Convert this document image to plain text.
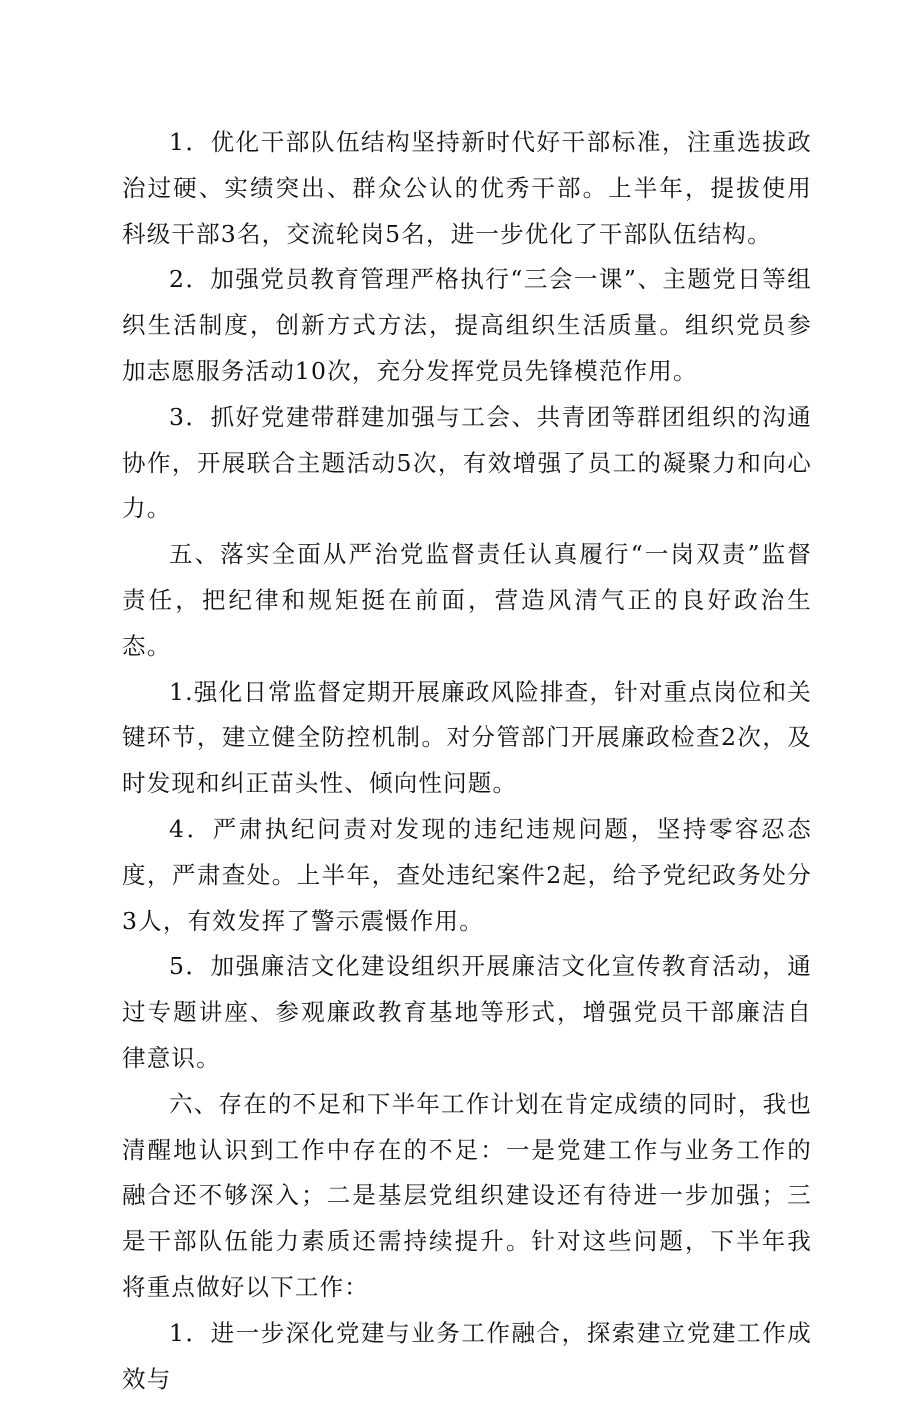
1．优化干部队伍结构坚持新时代好干部标准，注重选拔政治过硬、实绩突出、群众公认的优秀干部。上半年，提拔使用科级干部3名，交流轮岗5名，进一步优化了干部队伍结构。

2．加强党员教育管理严格执行“三会一课”、主题党日等组织生活制度，创新方式方法，提高组织生活质量。组织党员参加志愿服务活动10次，充分发挥党员先锋模范作用。

3．抓好党建带群建加强与工会、共青团等群团组织的沟通协作，开展联合主题活动5次，有效增强了员工的凝聚力和向心力。

五、落实全面从严治党监督责任认真履行“一岗双责”监督责任，把纪律和规矩挺在前面，营造风清气正的良好政治生态。

1.强化日常监督定期开展廉政风险排查，针对重点岗位和关键环节，建立健全防控机制。对分管部门开展廉政检查2次，及时发现和纠正苗头性、倾向性问题。

4．严肃执纪问责对发现的违纪违规问题，坚持零容忍态度，严肃查处。上半年，查处违纪案件2起，给予党纪政务处分3人，有效发挥了警示震慑作用。

5．加强廉洁文化建设组织开展廉洁文化宣传教育活动，通过专题讲座、参观廉政教育基地等形式，增强党员干部廉洁自律意识。

六、存在的不足和下半年工作计划在肯定成绩的同时，我也清醒地认识到工作中存在的不足：一是党建工作与业务工作的融合还不够深入；二是基层党组织建设还有待进一步加强；三是干部队伍能力素质还需持续提升。针对这些问题，下半年我将重点做好以下工作：

1．进一步深化党建与业务工作融合，探索建立党建工作成效与
